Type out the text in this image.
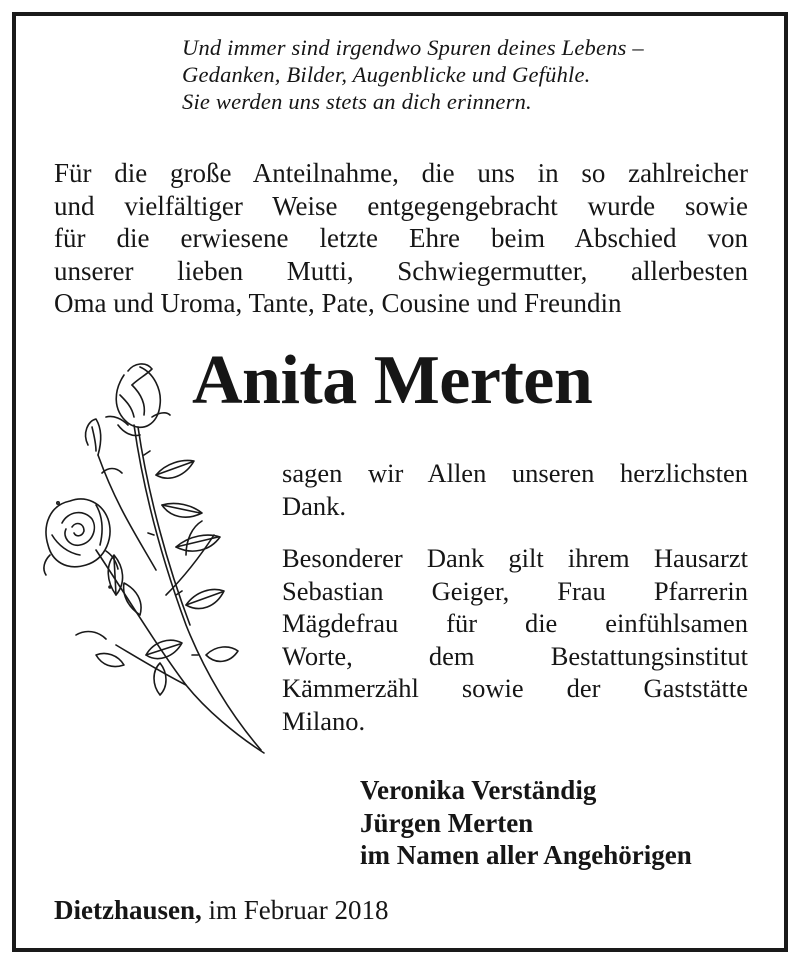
Und immer sind irgendwo Spuren deines Lebens –
Gedanken, Bilder, Augenblicke und Gefühle.
Sie werden uns stets an dich erinnern.
Für die große Anteilnahme, die uns in so zahlreicher
und vielfältiger Weise entgegengebracht wurde sowie
für die erwiesene letzte Ehre beim Abschied von
unserer lieben Mutti, Schwiegermutter, allerbesten
Oma und Uroma, Tante, Pate, Cousine und Freundin
Anita Merten
sagen wir Allen unseren herzlichsten
Dank.
Besonderer Dank gilt ihrem Hausarzt
Sebastian Geiger, Frau Pfarrerin
Mägdefrau für die einfühlsamen
Worte, dem Bestattungsinstitut
Kämmerzähl sowie der Gaststätte
Milano.
Veronika Verständig
Jürgen Merten
im Namen aller Angehörigen
Dietzhausen, im Februar 2018
